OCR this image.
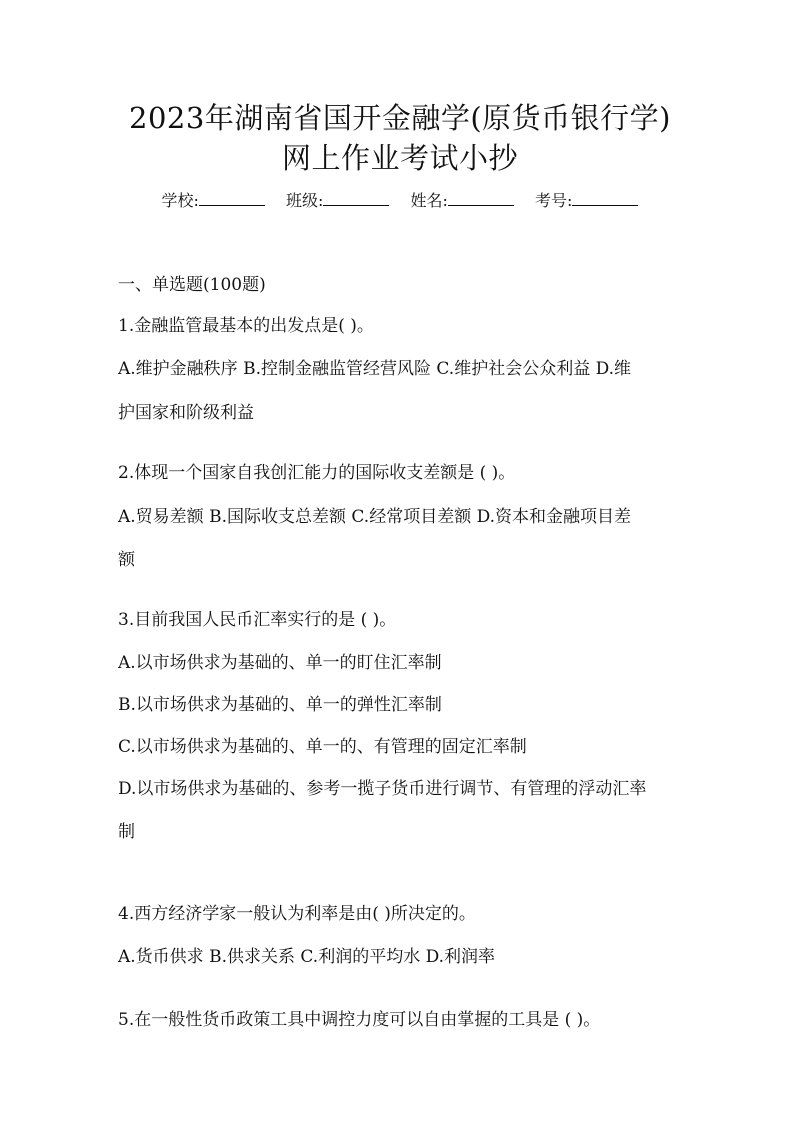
2023年湖南省国开金融学(原货币银行学)
网上作业考试小抄
学校:	班级:	姓名:	考号:
一、单选题(100题)
1.金融监管最基本的出发点是( )。
A.维护金融秩序 B.控制金融监管经营风险 C.维护社会公众利益 D.维
护国家和阶级利益
2.体现一个国家自我创汇能力的国际收支差额是 ( )。
A.贸易差额 B.国际收支总差额 C.经常项目差额 D.资本和金融项目差
额
3.目前我国人民币汇率实行的是 ( )。
A.以市场供求为基础的、单一的盯住汇率制
B.以市场供求为基础的、单一的弹性汇率制
C.以市场供求为基础的、单一的、有管理的固定汇率制
D.以市场供求为基础的、参考一揽子货币进行调节、有管理的浮动汇率
制
4.西方经济学家一般认为利率是由( )所决定的。
A.货币供求 B.供求关系 C.利润的平均水 D.利润率
5.在一般性货币政策工具中调控力度可以自由掌握的工具是 ( )。
